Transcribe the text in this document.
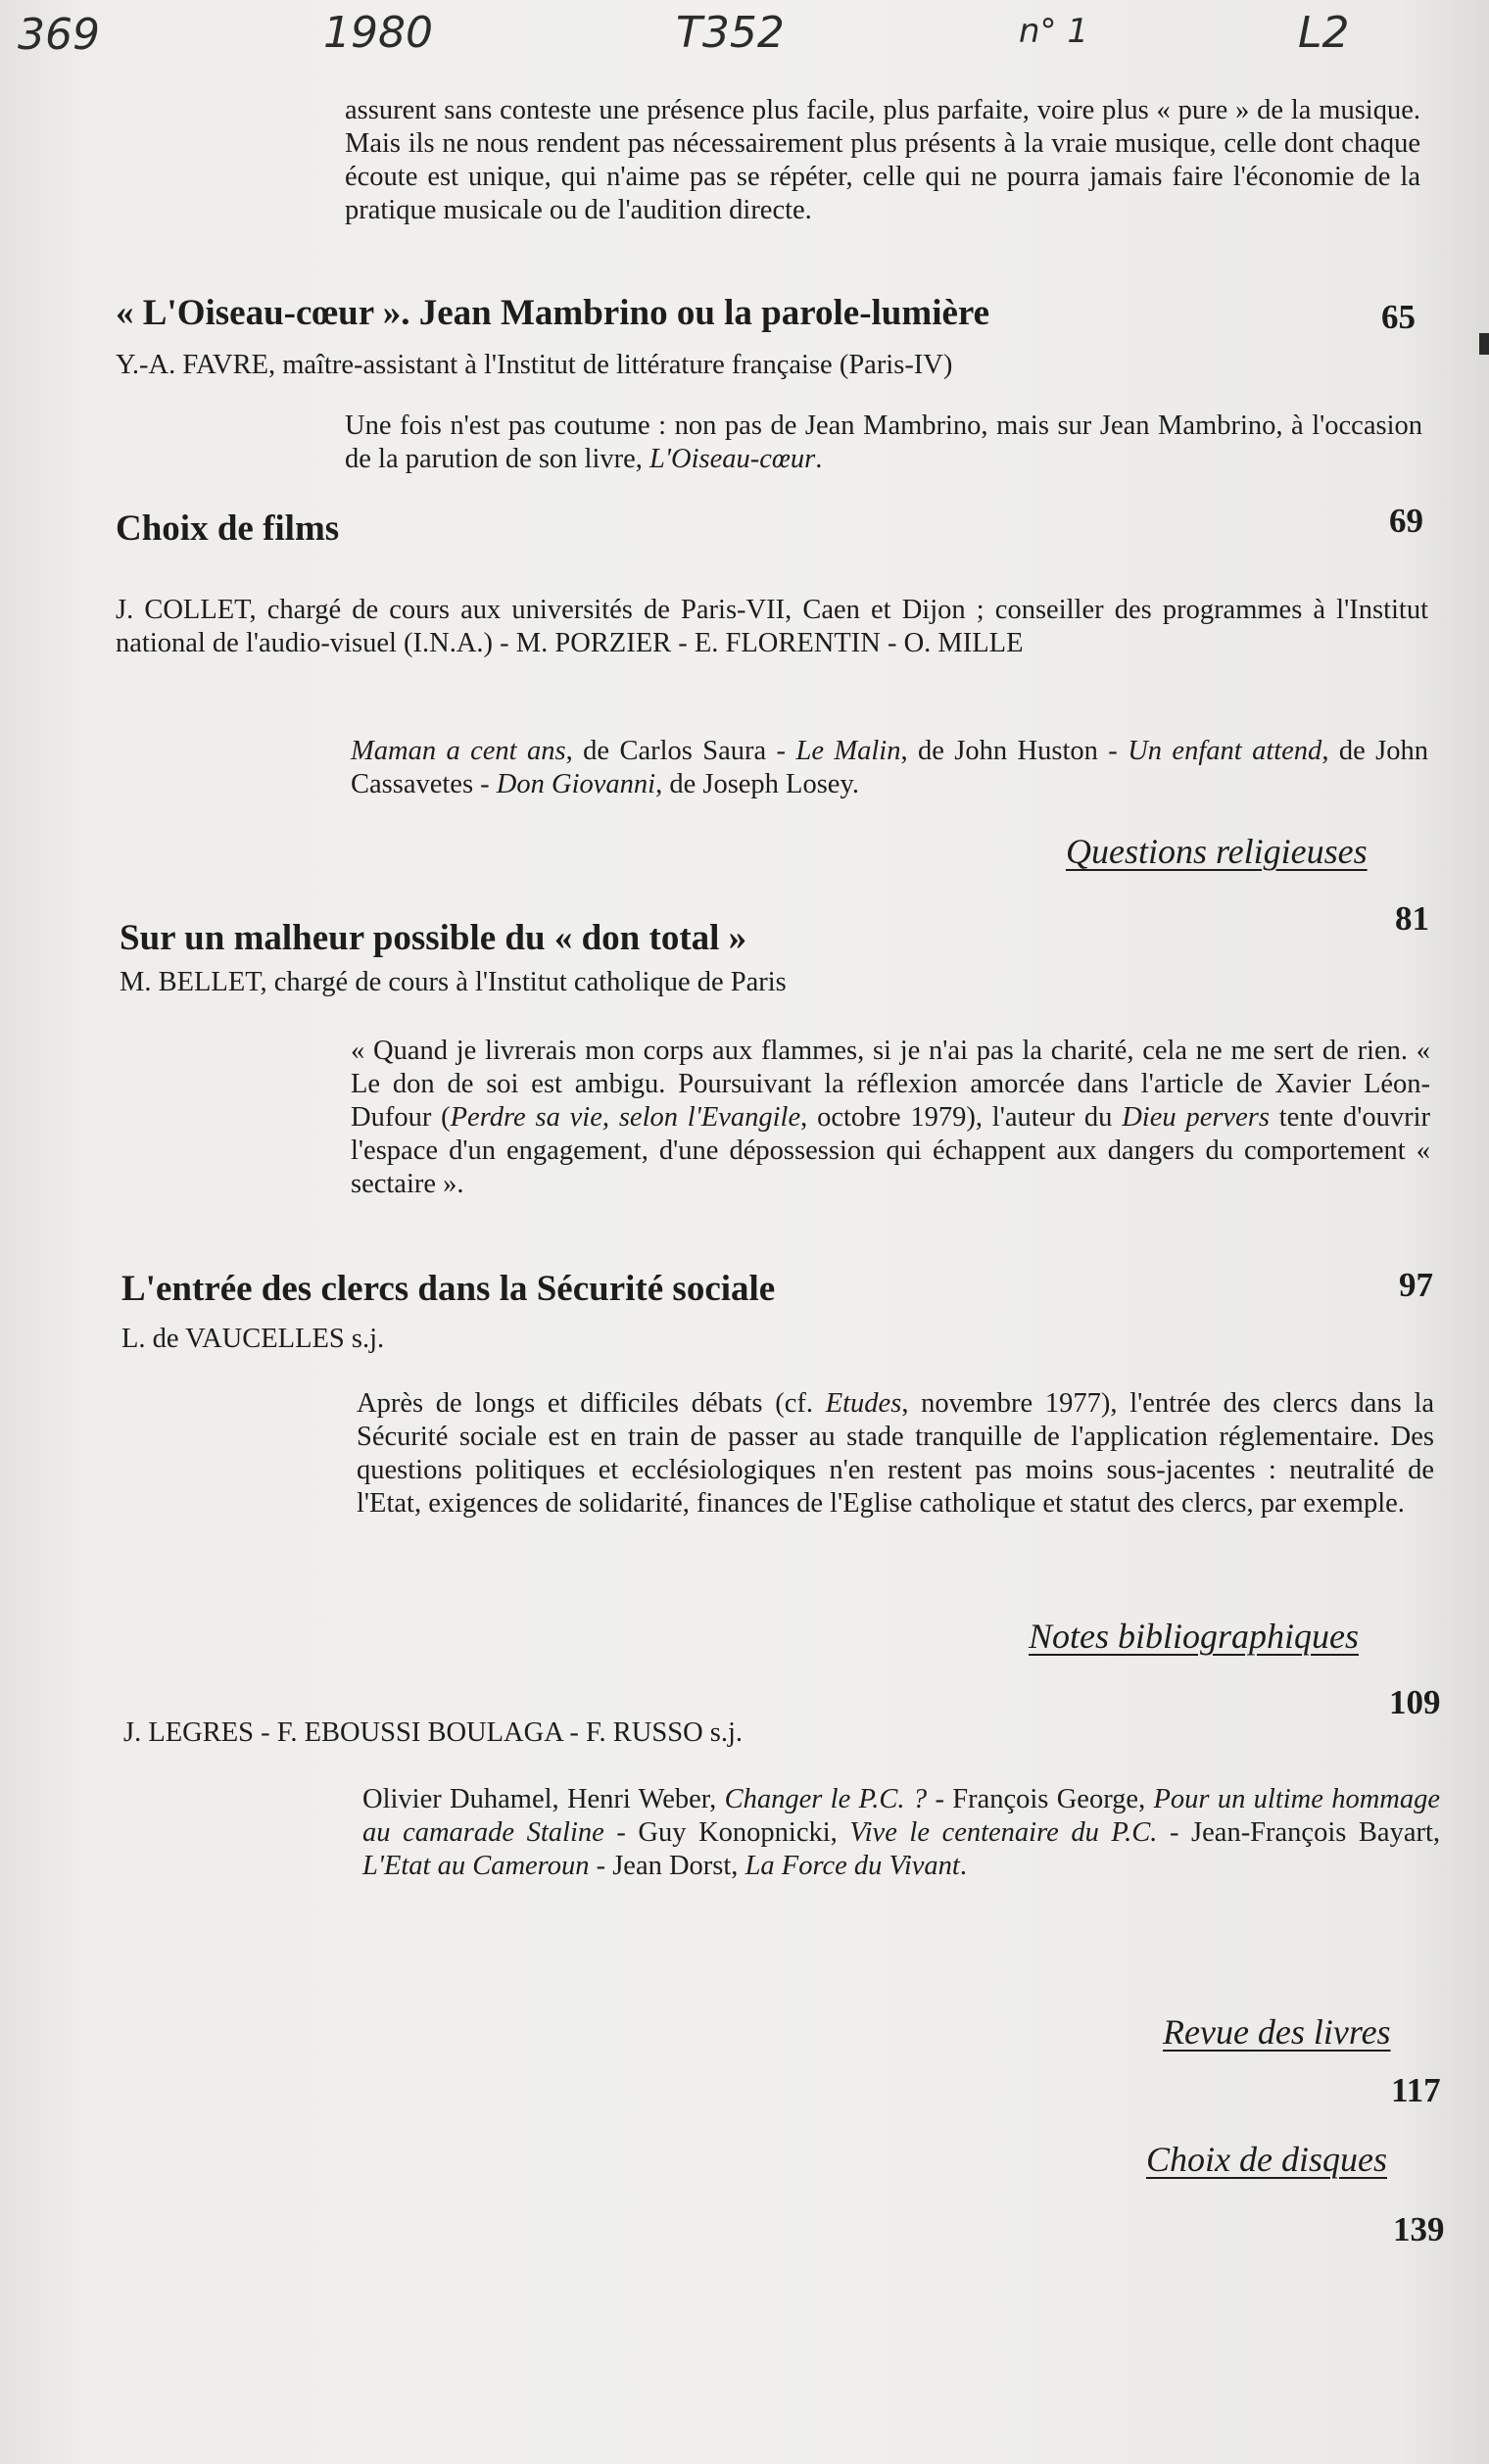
369	1980	T352	n° 1	L2

assurent sans conteste une présence plus facile, plus parfaite, voire plus « pure » de la musique. Mais ils ne nous rendent pas nécessairement plus présents à la vraie musique, celle dont chaque écoute est unique, qui n'aime pas se répéter, celle qui ne pourra jamais faire l'économie de la pratique musicale ou de l'audition directe.

« L'Oiseau-cœur ». Jean Mambrino ou la parole-lumière	65

Y.-A. FAVRE, maître-assistant à l'Institut de littérature française (Paris-IV)

Une fois n'est pas coutume : non pas de Jean Mambrino, mais sur Jean Mambrino, à l'occasion de la parution de son livre, L'Oiseau-cœur.

Choix de films	69

J. COLLET, chargé de cours aux universités de Paris-VII, Caen et Dijon ; conseiller des programmes à l'Institut national de l'audio-visuel (I.N.A.) - M. PORZIER - E. FLORENTIN - O. MILLE

Maman a cent ans, de Carlos Saura - Le Malin, de John Huston - Un enfant attend, de John Cassavetes - Don Giovanni, de Joseph Losey.

Questions religieuses
Sur un malheur possible du « don total »	81

M. BELLET, chargé de cours à l'Institut catholique de Paris

« Quand je livrerais mon corps aux flammes, si je n'ai pas la charité, cela ne me sert de rien. « Le don de soi est ambigu. Poursuivant la réflexion amorcée dans l'article de Xavier Léon-Dufour (Perdre sa vie, selon l'Evangile, octobre 1979), l'auteur du Dieu pervers tente d'ouvrir l'espace d'un engagement, d'une dépossession qui échappent aux dangers du comportement « sectaire ».

L'entrée des clercs dans la Sécurité sociale	97

L. de VAUCELLES s.j.

Après de longs et difficiles débats (cf. Etudes, novembre 1977), l'entrée des clercs dans la Sécurité sociale est en train de passer au stade tranquille de l'application réglementaire. Des questions politiques et ecclésiologiques n'en restent pas moins sous-jacentes : neutralité de l'Etat, exigences de solidarité, finances de l'Eglise catholique et statut des clercs, par exemple.

Notes bibliographiques
109

J. LEGRES - F. EBOUSSI BOULAGA - F. RUSSO s.j.

Olivier Duhamel, Henri Weber, Changer le P.C. ? - François George, Pour un ultime hommage au camarade Staline - Guy Konopnicki, Vive le centenaire du P.C. - Jean-François Bayart, L'Etat au Cameroun - Jean Dorst, La Force du Vivant.

Revue des livres
117
Choix de disques
139
